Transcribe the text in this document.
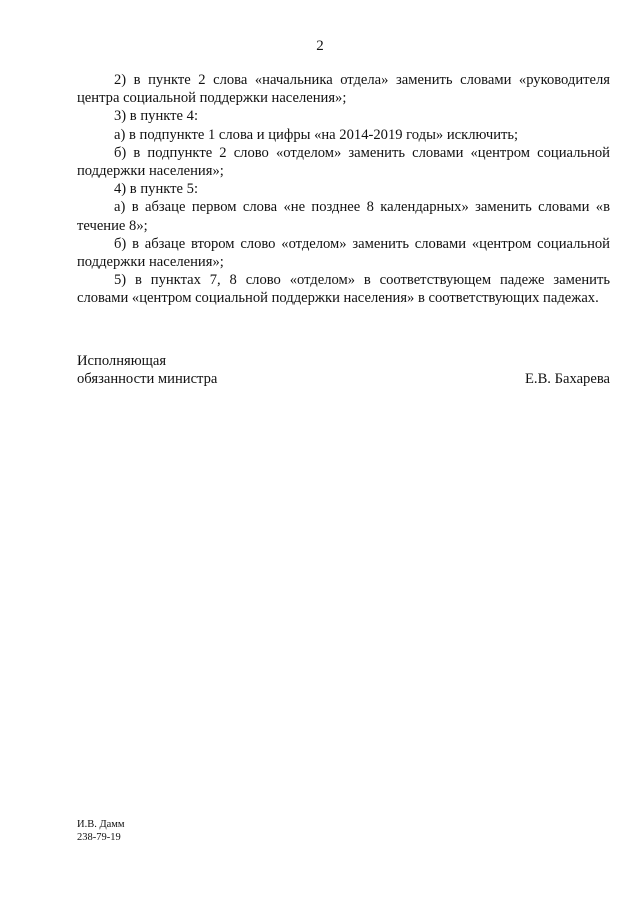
2

2) в пункте 2 слова «начальника отдела» заменить словами «руководителя центра социальной поддержки населения»;

3) в пункте 4:

а) в подпункте 1 слова и цифры «на 2014-2019 годы» исключить;

б) в подпункте 2 слово «отделом» заменить словами «центром социальной поддержки населения»;

4) в пункте 5:

а) в абзаце первом слова «не позднее 8 календарных» заменить словами «в течение 8»;

б) в абзаце втором слово «отделом» заменить словами «центром социальной поддержки населения»;

5) в пунктах 7, 8 слово «отделом» в соответствующем падеже заменить словами «центром социальной поддержки населения» в соответствующих падежах.

Исполняющая
обязанности министра	Е.В. Бахарева
И.В. Дамм
238-79-19
